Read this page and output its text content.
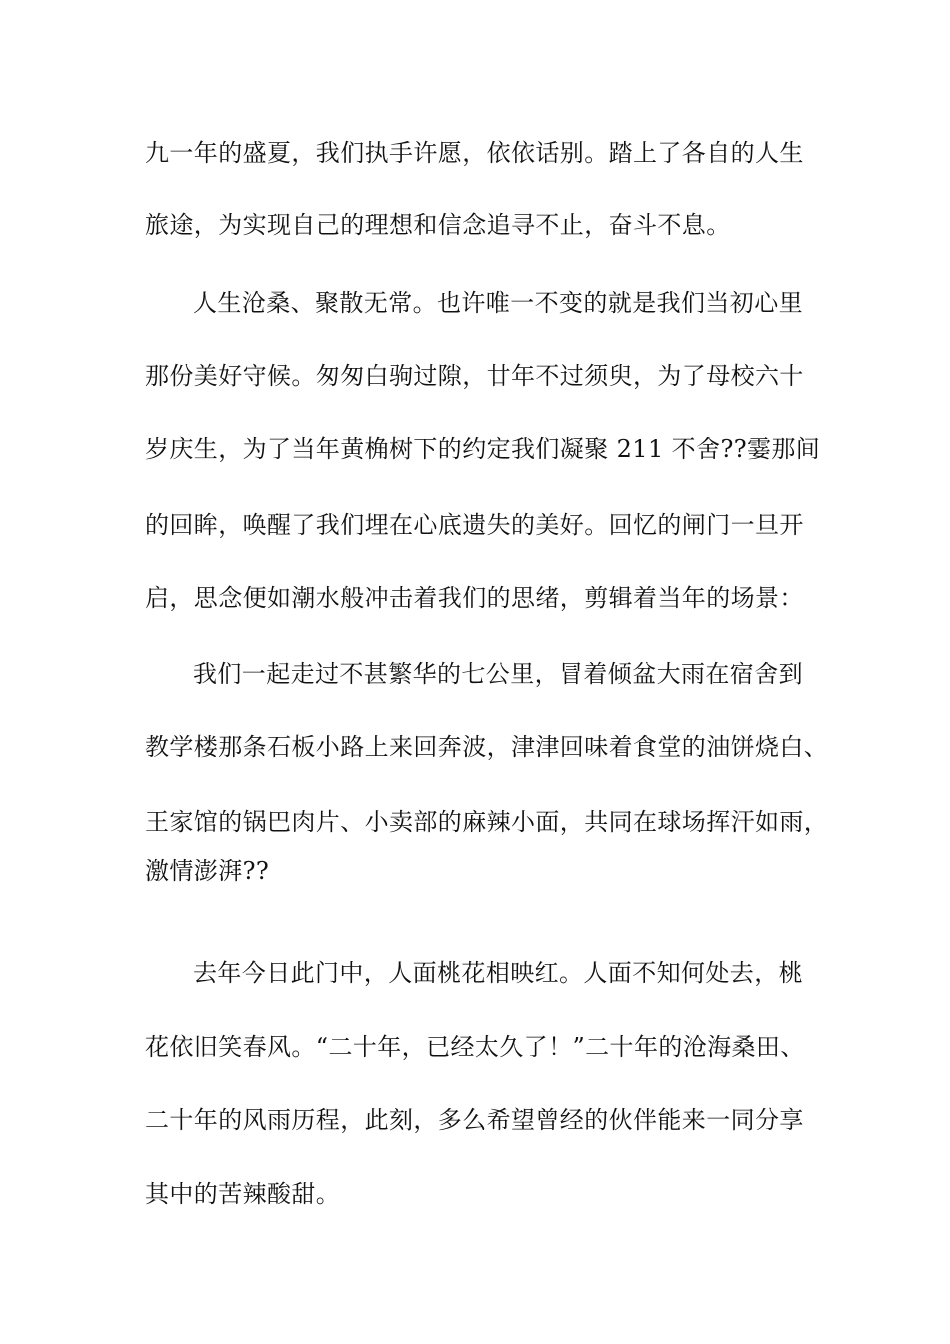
九一年的盛夏，我们执手许愿，依依话别。踏上了各自的人生
旅途，为实现自己的理想和信念追寻不止，奋斗不息。
人生沧桑、聚散无常。也许唯一不变的就是我们当初心里
那份美好守候。匆匆白驹过隙，廿年不过须臾，为了母校六十
岁庆生，为了当年黄桷树下的约定我们凝聚 211 不舍??霎那间
的回眸，唤醒了我们埋在心底遗失的美好。回忆的闸门一旦开
启，思念便如潮水般冲击着我们的思绪，剪辑着当年的场景：
我们一起走过不甚繁华的七公里，冒着倾盆大雨在宿舍到
教学楼那条石板小路上来回奔波，津津回味着食堂的油饼烧白、
王家馆的锅巴肉片、小卖部的麻辣小面，共同在球场挥汗如雨，
激情澎湃??
去年今日此门中，人面桃花相映红。人面不知何处去，桃
花依旧笑春风。“二十年，已经太久了！”二十年的沧海桑田、
二十年的风雨历程，此刻，多么希望曾经的伙伴能来一同分享
其中的苦辣酸甜。
